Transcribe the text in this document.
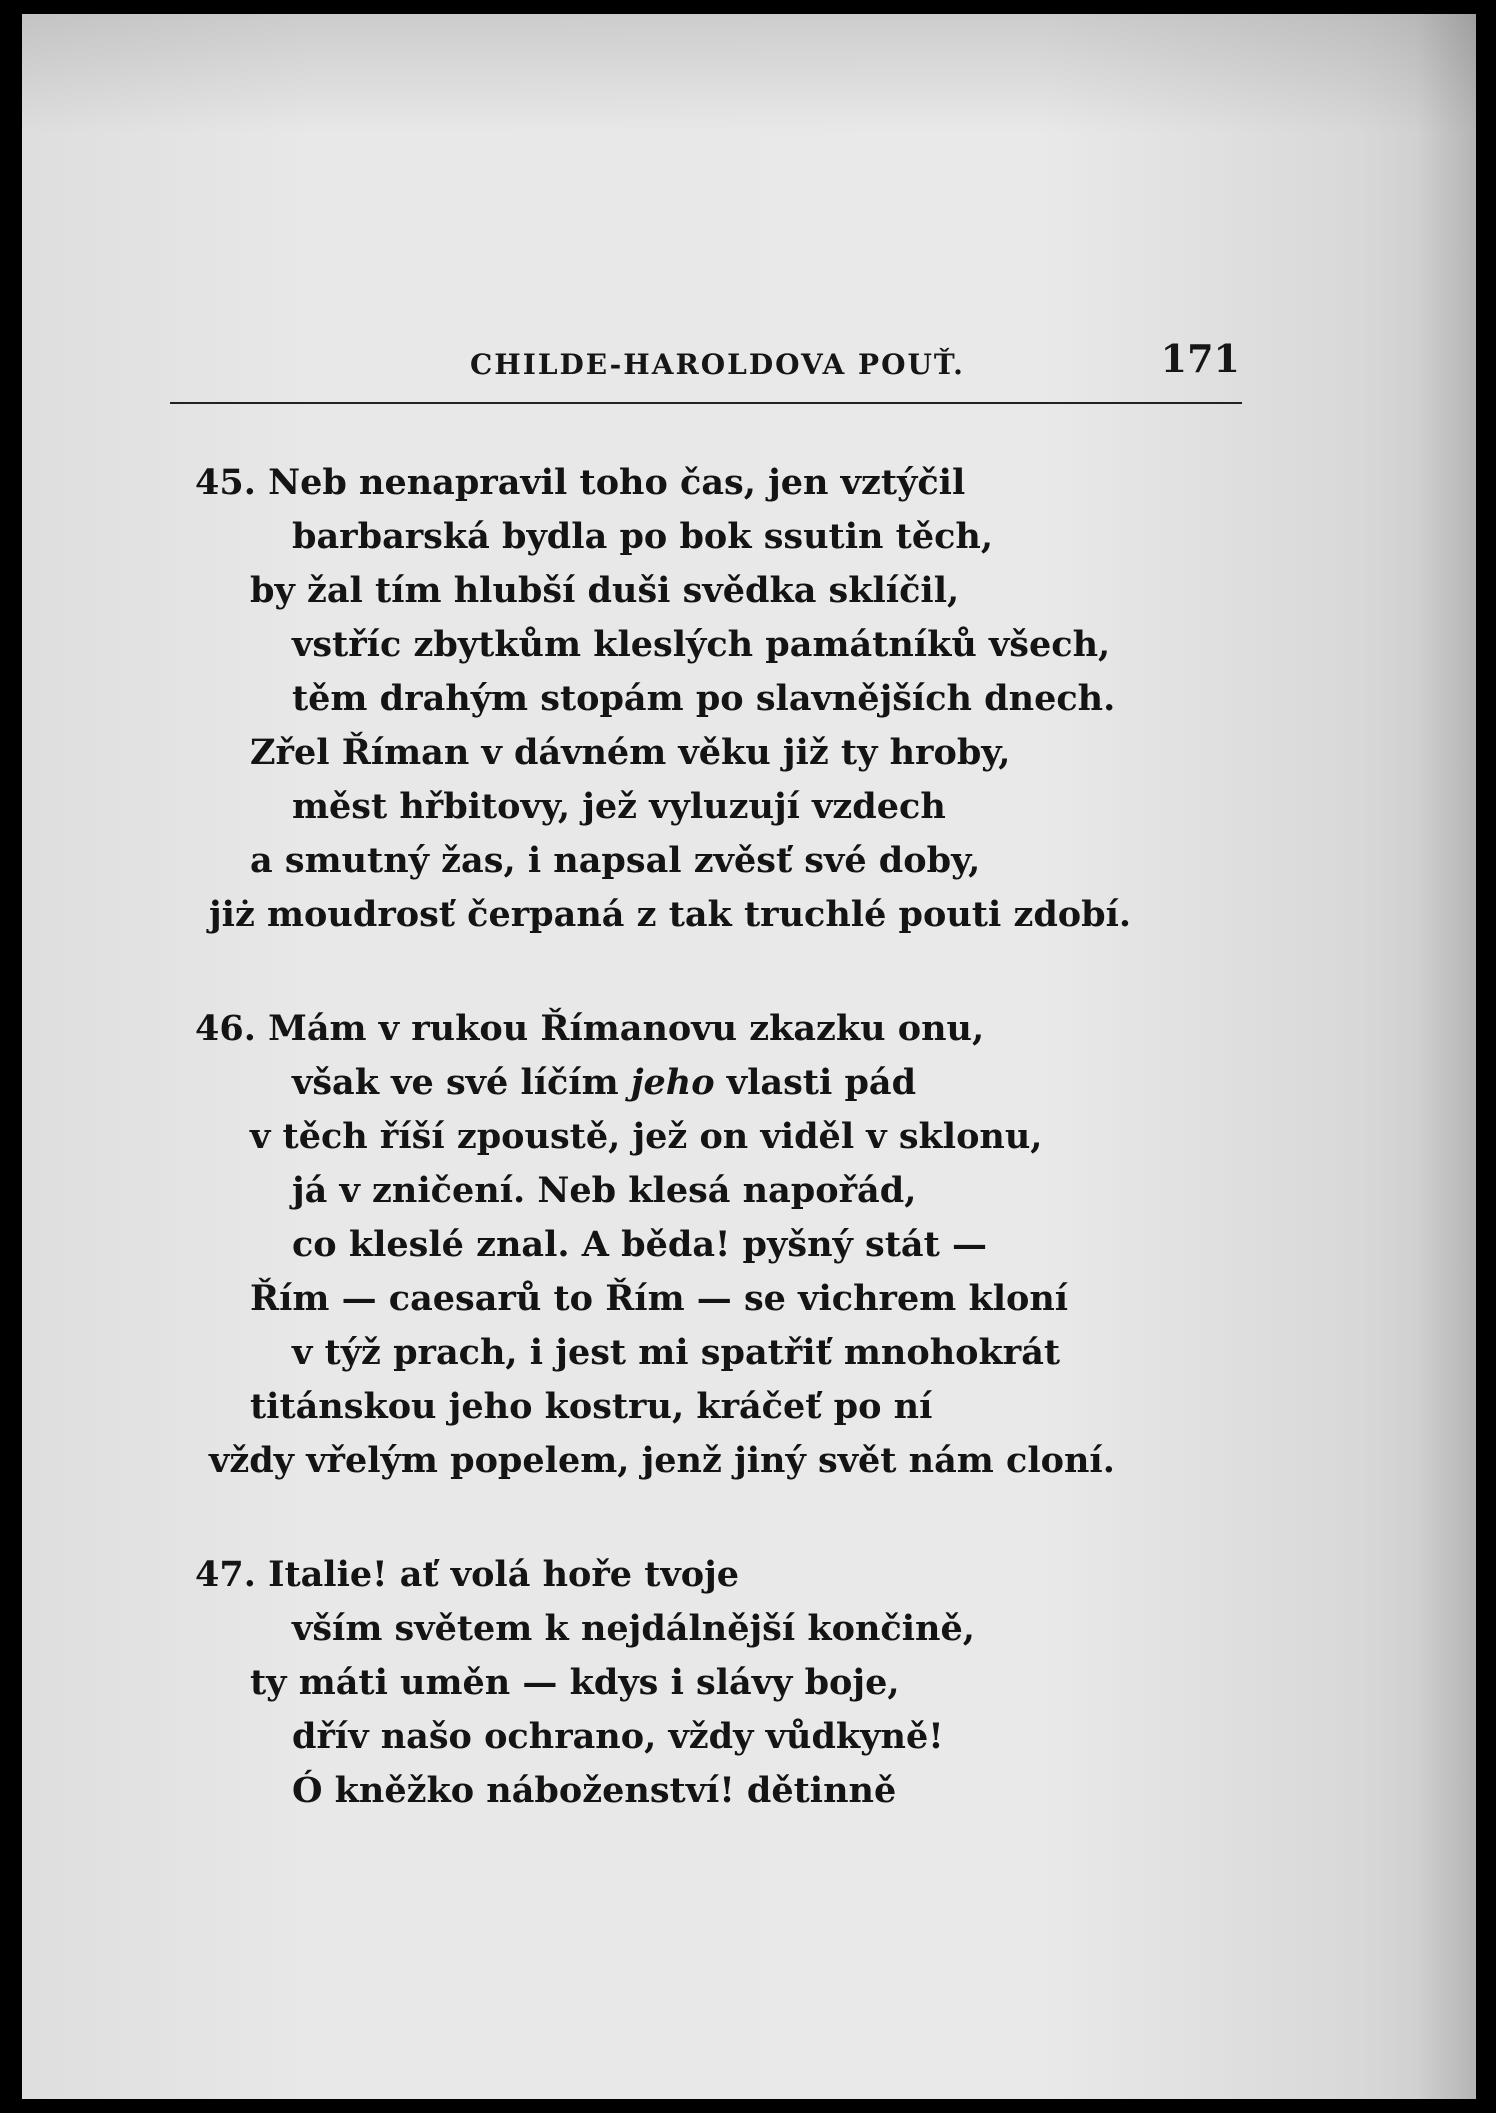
CHILDE-HAROLDOVA POUŤ.	171
45. Neb nenapravil toho čas, jen vztýčil
barbarská bydla po bok ssutin těch,
by žal tím hlubší duši svědka sklíčil,
vstříc zbytkům kleslých památníků všech,
těm drahým stopám po slavnějších dnech.
Zřel Říman v dávném věku již ty hroby,
měst hřbitovy, jež vyluzují vzdech
a smutný žas, i napsal zvěsť své doby,
jiż moudrosť čerpaná z tak truchlé pouti zdobí.
46. Mám v rukou Římanovu zkazku onu,
však ve své líčím jeho vlasti pád
v těch říší zpoustě, jež on viděl v sklonu,
já v zničení. Neb klesá napořád,
co kleslé znal. A běda! pyšný stát —
Řím — caesarů to Řím — se vichrem kloní
v týž prach, i jest mi spatřiť mnohokrát
titánskou jeho kostru, kráčeť po ní
vždy vřelým popelem, jenž jiný svět nám cloní.
47. Italie! ať volá hoře tvoje
vším světem k nejdálnější končině,
ty máti uměn — kdys i slávy boje,
dřív našo ochrano, vždy vůdkyně!
Ó kněžko náboženství! dětinně
